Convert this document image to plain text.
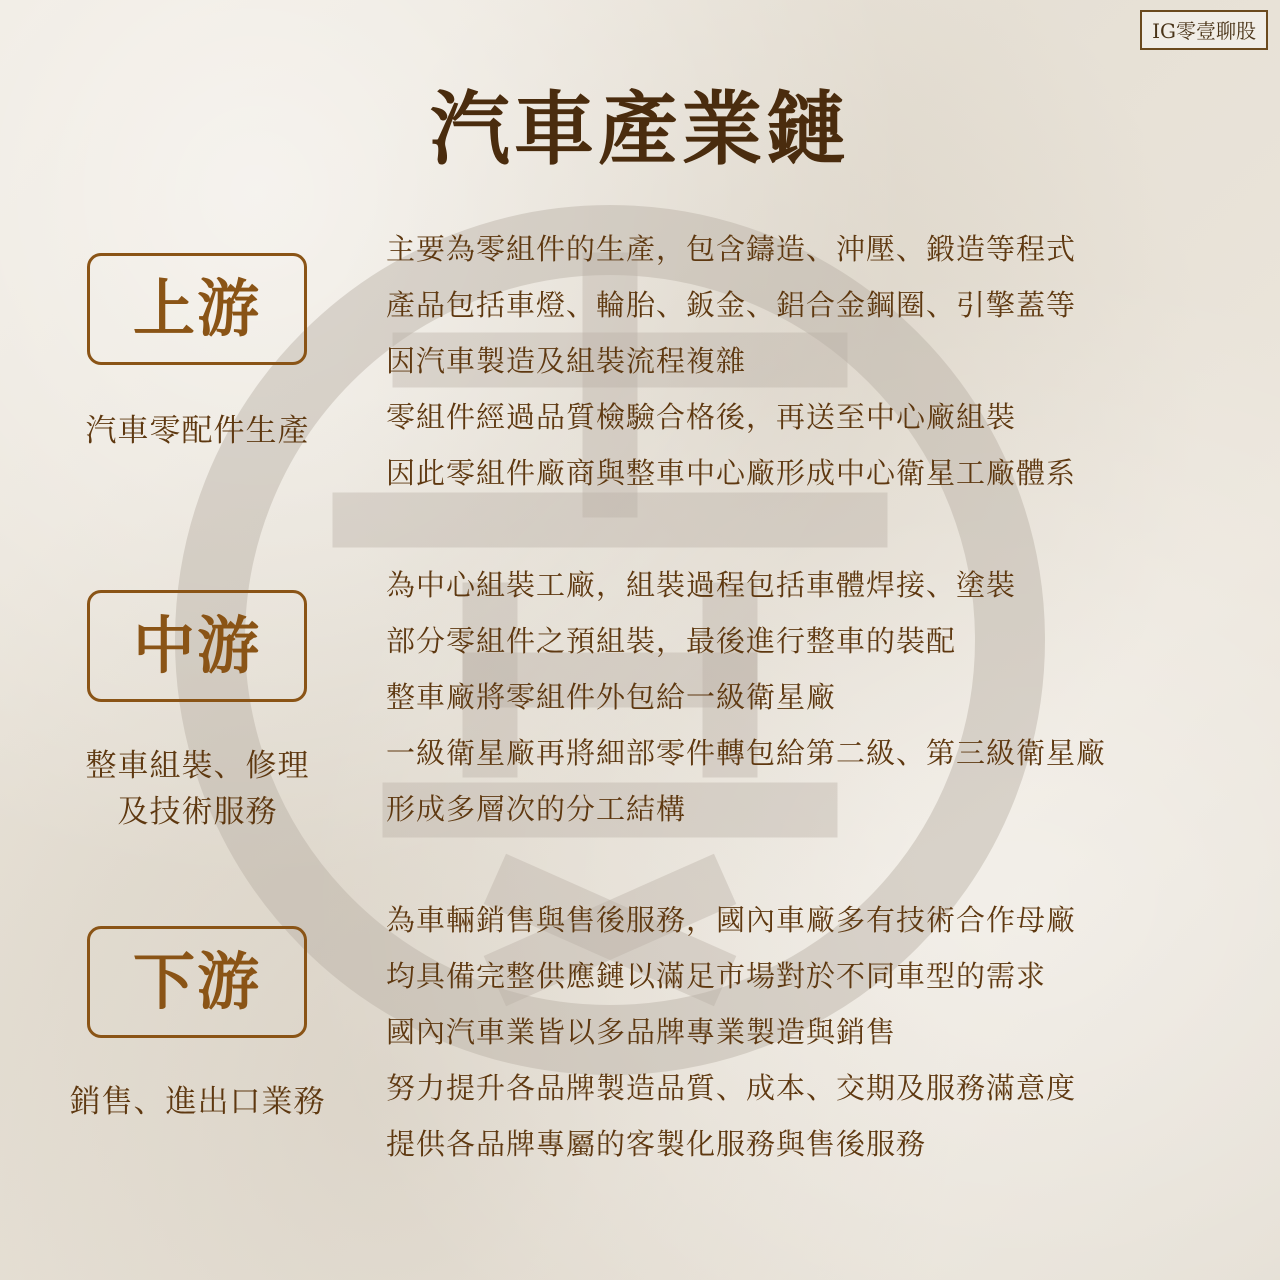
IG零壹聊股
汽車產業鏈
上游
汽車零配件生產
主要為零組件的生產，包含鑄造、沖壓、鍛造等程式
產品包括車燈、輪胎、鈑金、鋁合金鋼圈、引擎蓋等
因汽車製造及組裝流程複雜
零組件經過品質檢驗合格後，再送至中心廠組裝
因此零組件廠商與整車中心廠形成中心衛星工廠體系
中游
整車組裝、修理
及技術服務
為中心組裝工廠，組裝過程包括車體焊接、塗裝
部分零組件之預組裝，最後進行整車的裝配
整車廠將零組件外包給一級衛星廠
一級衛星廠再將細部零件轉包給第二級、第三級衛星廠
形成多層次的分工結構
下游
銷售、進出口業務
為車輛銷售與售後服務，國內車廠多有技術合作母廠
均具備完整供應鏈以滿足市場對於不同車型的需求
國內汽車業皆以多品牌專業製造與銷售
努力提升各品牌製造品質、成本、交期及服務滿意度
提供各品牌專屬的客製化服務與售後服務
